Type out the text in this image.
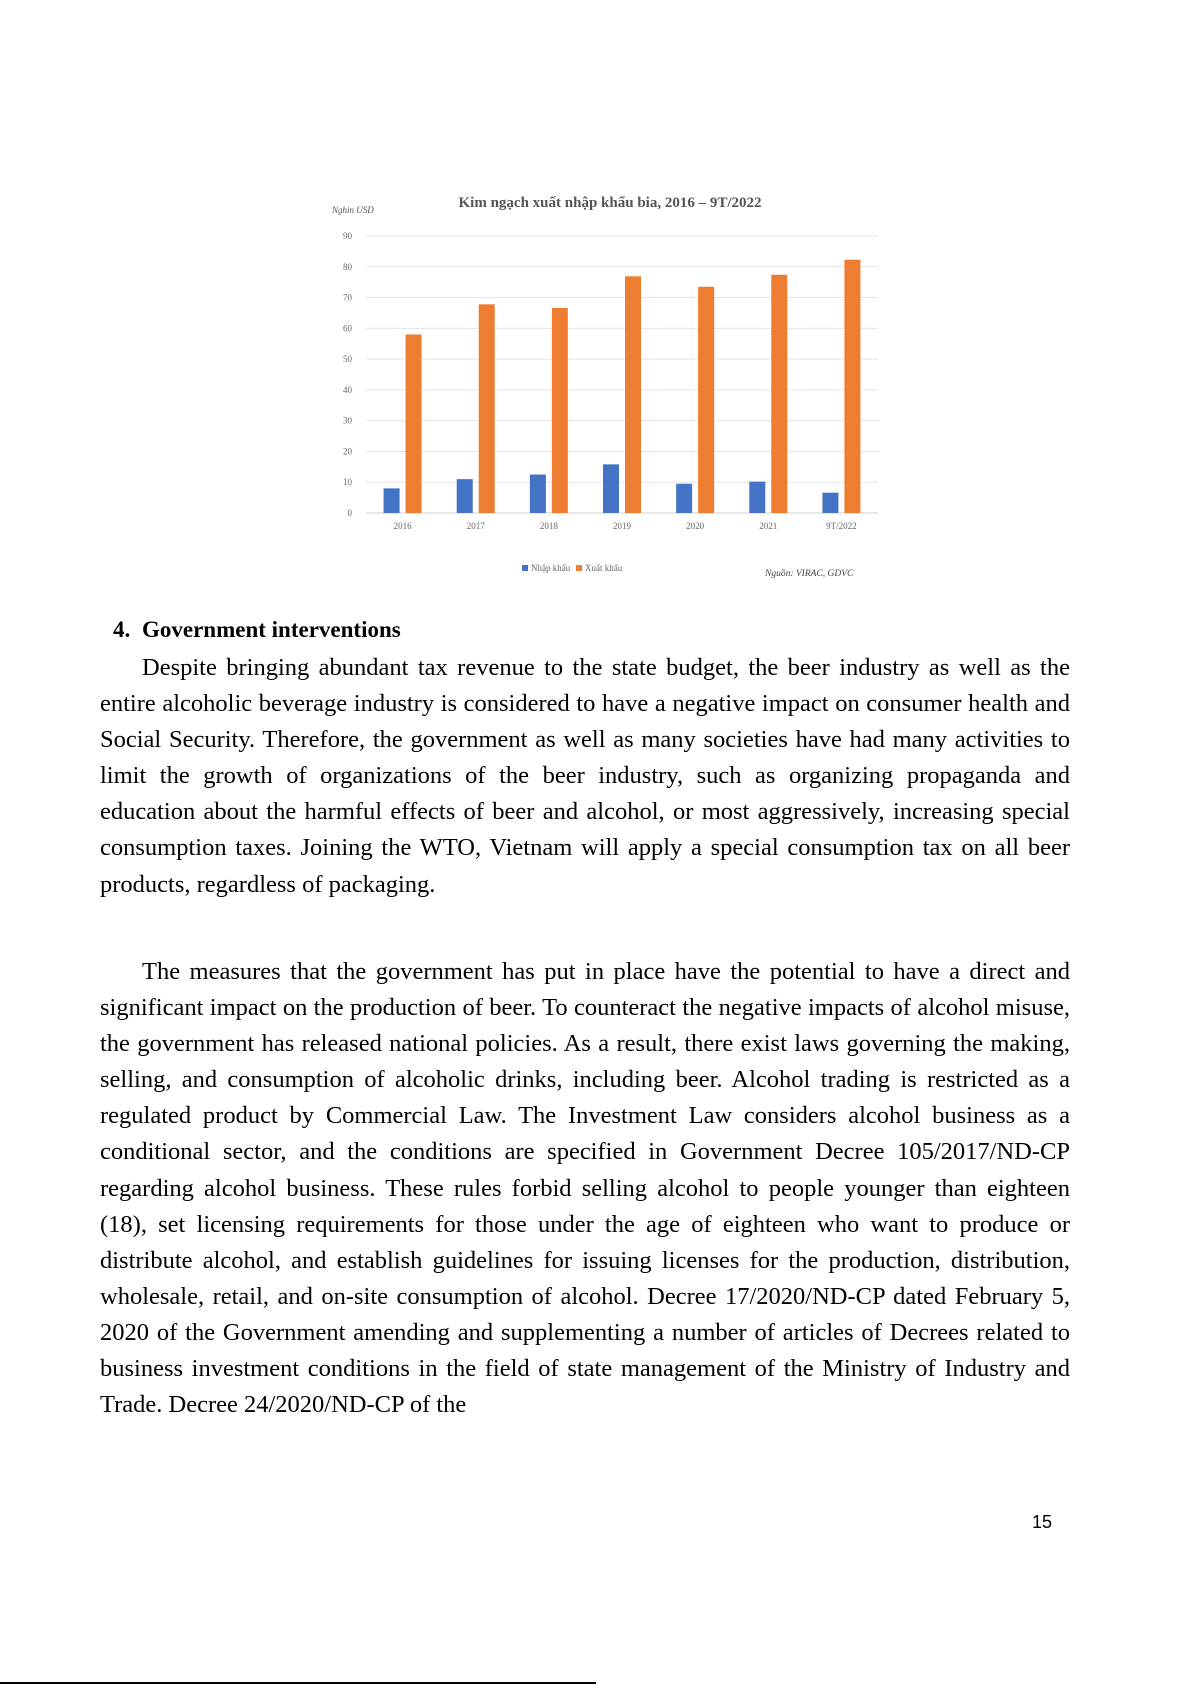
Kim ngạch xuất nhập khẩu bia, 2016 – 9T/2022
Nghìn USD
0
10
20
30
40
50
60
70
80
90
2016	2017	2018	2019	2020	2021	9T/2022
Nhập khẩu Xuất khẩu
Nguồn: VIRAC, GDVC
4. Government interventions

Despite bringing abundant tax revenue to the state budget, the beer industry as well as the entire alcoholic beverage industry is considered to have a negative impact on consumer health and Social Security. Therefore, the government as well as many societies have had many activities to limit the growth of organizations of the beer industry, such as organizing propaganda and education about the harmful effects of beer and alcohol, or most aggressively, increasing special consumption taxes. Joining the WTO, Vietnam will apply a special consumption tax on all beer products, regardless of packaging.

The measures that the government has put in place have the potential to have a direct and significant impact on the production of beer. To counteract the negative impacts of alcohol misuse, the government has released national policies. As a result, there exist laws governing the making, selling, and consumption of alcoholic drinks, including beer. Alcohol trading is restricted as a regulated product by Commercial Law. The Investment Law considers alcohol business as a conditional sector, and the conditions are specified in Government Decree 105/2017/ND-CP regarding alcohol business. These rules forbid selling alcohol to people younger than eighteen (18), set licensing requirements for those under the age of eighteen who want to produce or distribute alcohol, and establish guidelines for issuing licenses for the production, distribution, wholesale, retail, and on-site consumption of alcohol. Decree 17/2020/ND-CP dated February 5, 2020 of the Government amending and supplementing a number of articles of Decrees related to business investment conditions in the field of state management of the Ministry of Industry and Trade. Decree 24/2020/ND-CP of the

15
